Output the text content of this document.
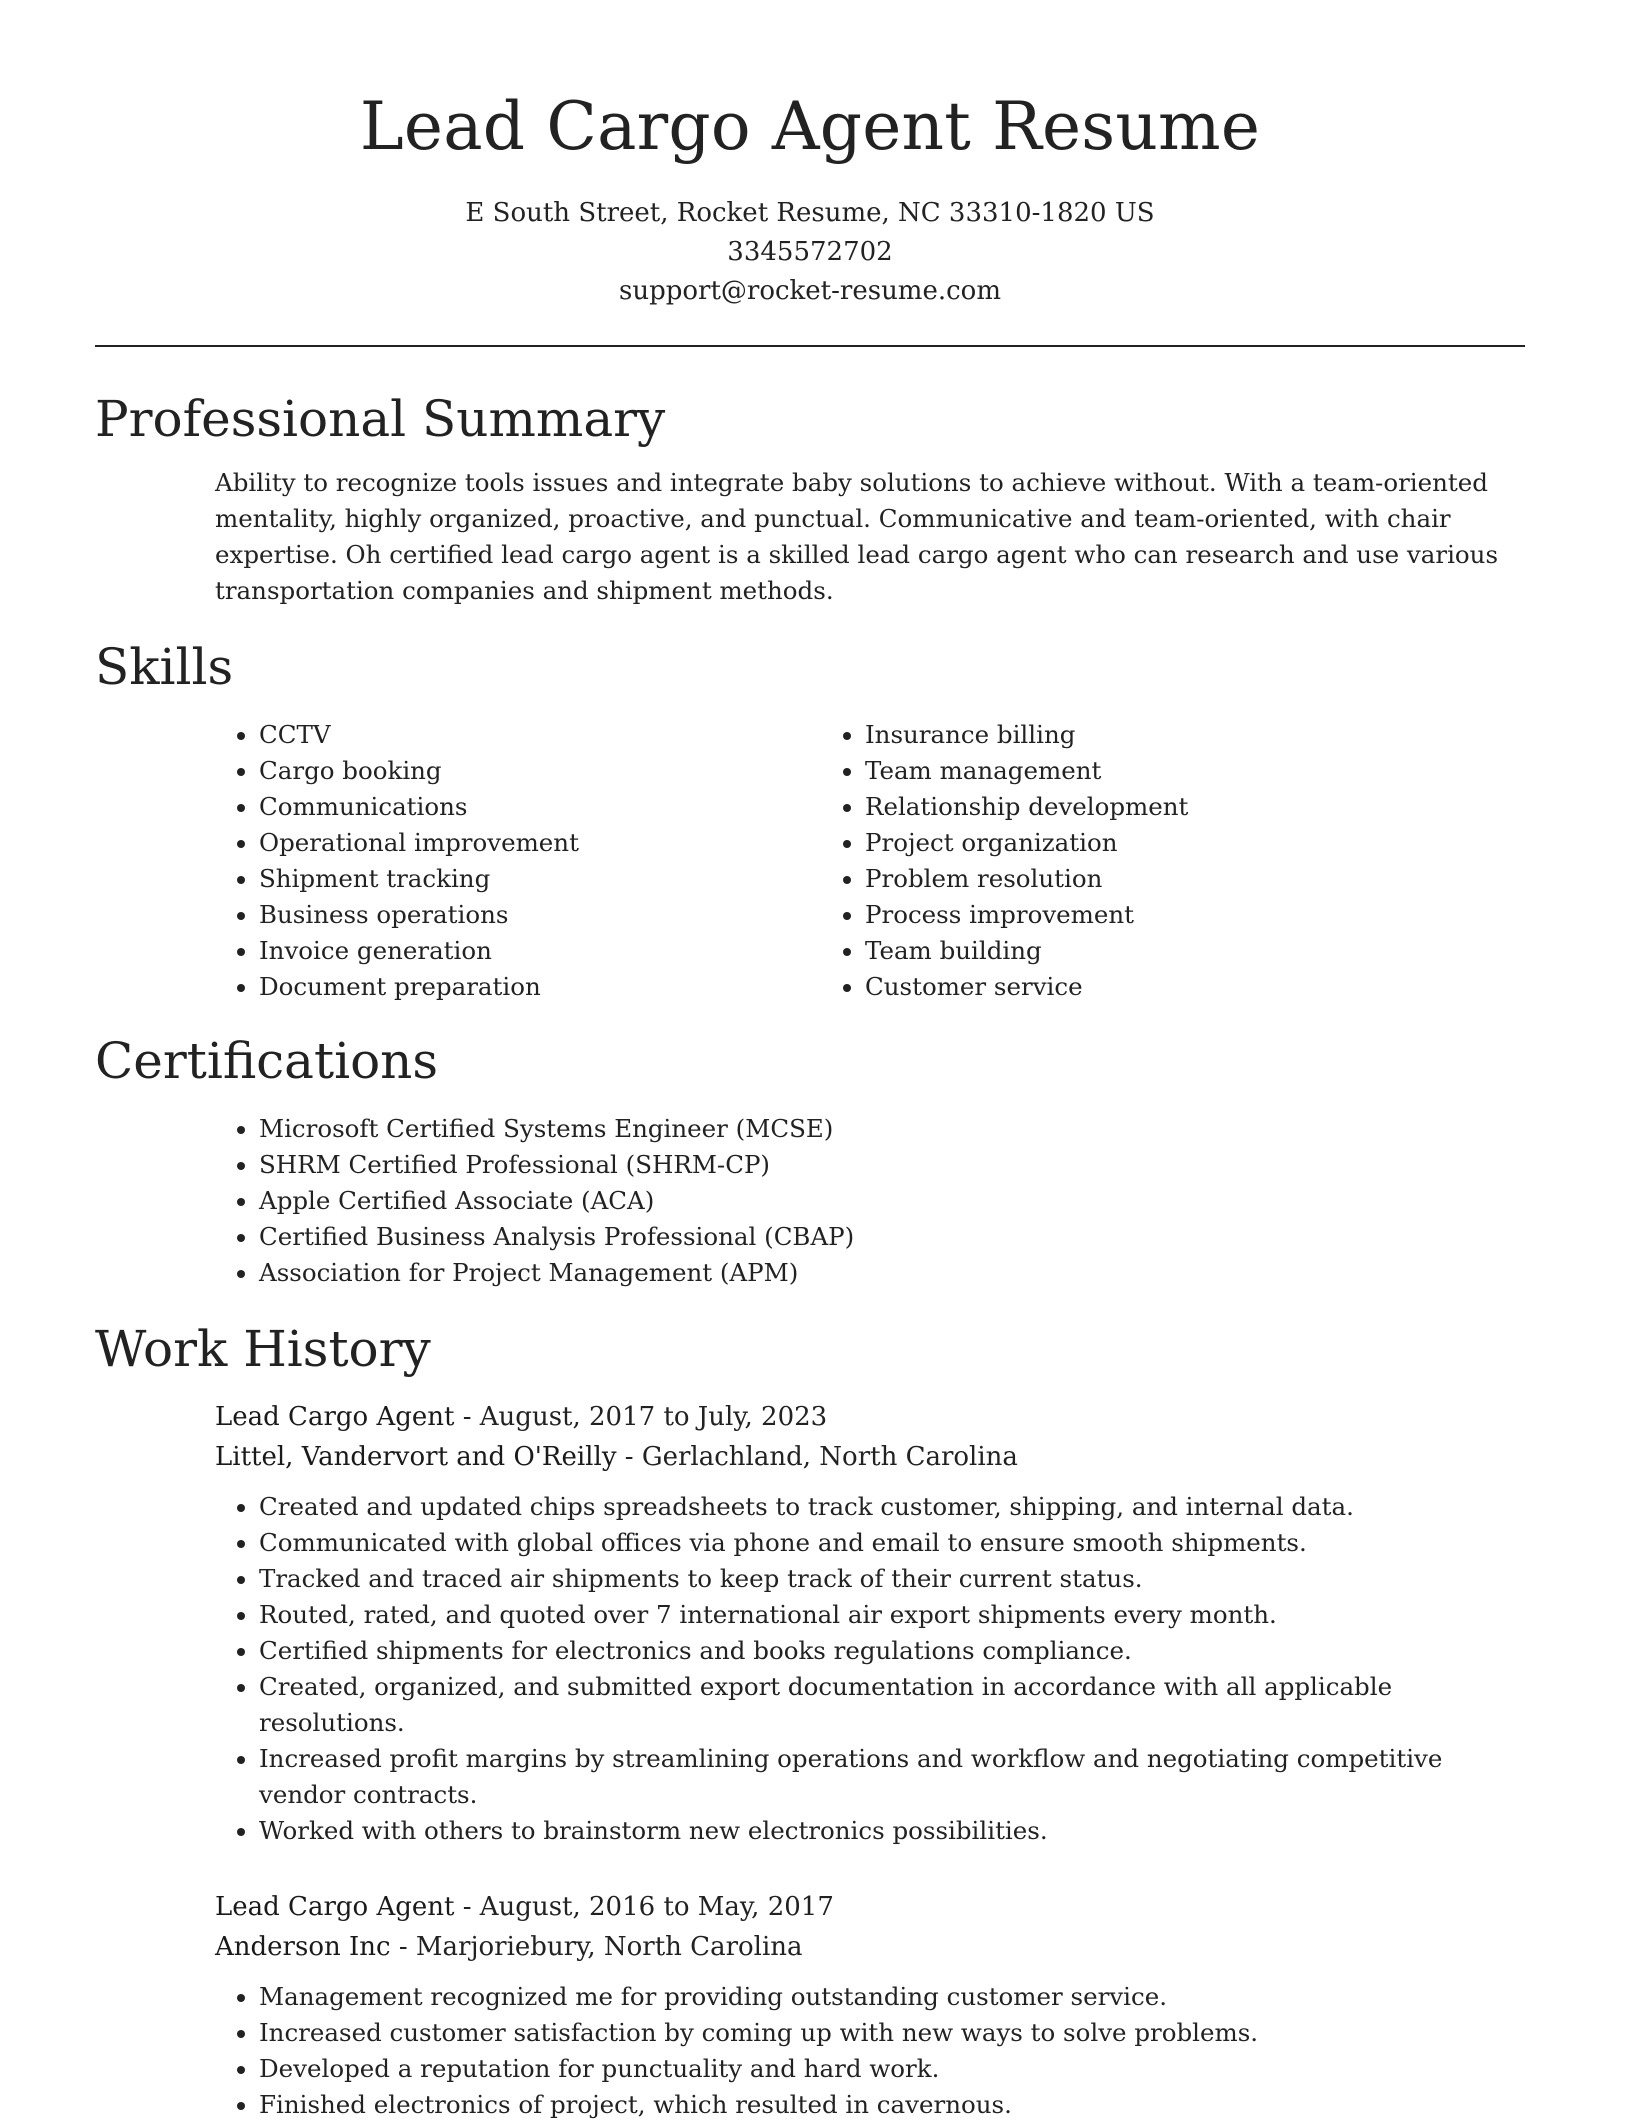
Lead Cargo Agent Resume
E South Street, Rocket Resume, NC 33310-1820 US
3345572702
support@rocket-resume.com
Professional Summary
Ability to recognize tools issues and integrate baby solutions to achieve without. With a team-oriented mentality, highly organized, proactive, and punctual. Communicative and team-oriented, with chair expertise. Oh certified lead cargo agent is a skilled lead cargo agent who can research and use various transportation companies and shipment methods.
Skills
• CCTV
• Cargo booking
• Communications
• Operational improvement
• Shipment tracking
• Business operations
• Invoice generation
• Document preparation
• Insurance billing
• Team management
• Relationship development
• Project organization
• Problem resolution
• Process improvement
• Team building
• Customer service
Certifications
• Microsoft Certified Systems Engineer (MCSE)
• SHRM Certified Professional (SHRM-CP)
• Apple Certified Associate (ACA)
• Certified Business Analysis Professional (CBAP)
• Association for Project Management (APM)
Work History
Lead Cargo Agent - August, 2017 to July, 2023
Littel, Vandervort and O'Reilly - Gerlachland, North Carolina
• Created and updated chips spreadsheets to track customer, shipping, and internal data.
• Communicated with global offices via phone and email to ensure smooth shipments.
• Tracked and traced air shipments to keep track of their current status.
• Routed, rated, and quoted over 7 international air export shipments every month.
• Certified shipments for electronics and books regulations compliance.
• Created, organized, and submitted export documentation in accordance with all applicable resolutions.
• Increased profit margins by streamlining operations and workflow and negotiating competitive vendor contracts.
• Worked with others to brainstorm new electronics possibilities.
Lead Cargo Agent - August, 2016 to May, 2017
Anderson Inc - Marjoriebury, North Carolina
• Management recognized me for providing outstanding customer service.
• Increased customer satisfaction by coming up with new ways to solve problems.
• Developed a reputation for punctuality and hard work.
• Finished electronics of project, which resulted in cavernous.
